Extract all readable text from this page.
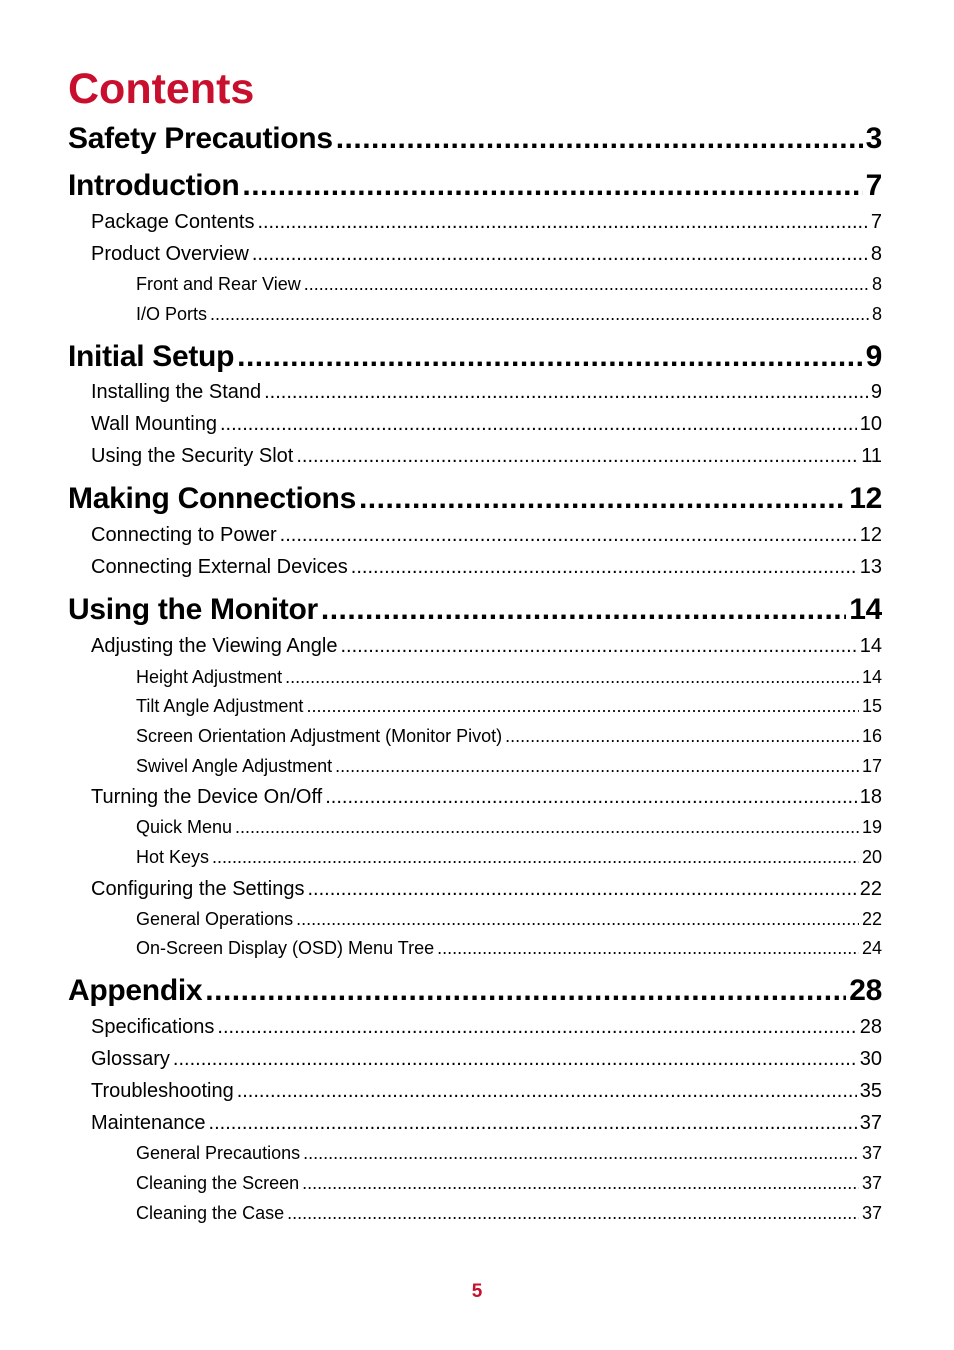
Contents
Safety Precautions .....	3
Introduction .....	7
Package Contents .....	7
Product Overview .....	8
Front and Rear View .....	8
I/O Ports .....	8
Initial Setup .....	9
Installing the Stand .....	9
Wall Mounting .....	10
Using the Security Slot .....	11
Making Connections .....	12
Connecting to Power .....	12
Connecting External Devices .....	13
Using the Monitor .....	14
Adjusting the Viewing Angle .....	14
Height Adjustment .....	14
Tilt Angle Adjustment .....	15
Screen Orientation Adjustment (Monitor Pivot) .....	16
Swivel Angle Adjustment .....	17
Turning the Device On/Off .....	18
Quick Menu .....	19
Hot Keys .....	20
Configuring the Settings .....	22
General Operations .....	22
On-Screen Display (OSD) Menu Tree .....	24
Appendix .....	28
Specifications .....	28
Glossary .....	30
Troubleshooting .....	35
Maintenance .....	37
General Precautions .....	37
Cleaning the Screen .....	37
Cleaning the Case .....	37
5
